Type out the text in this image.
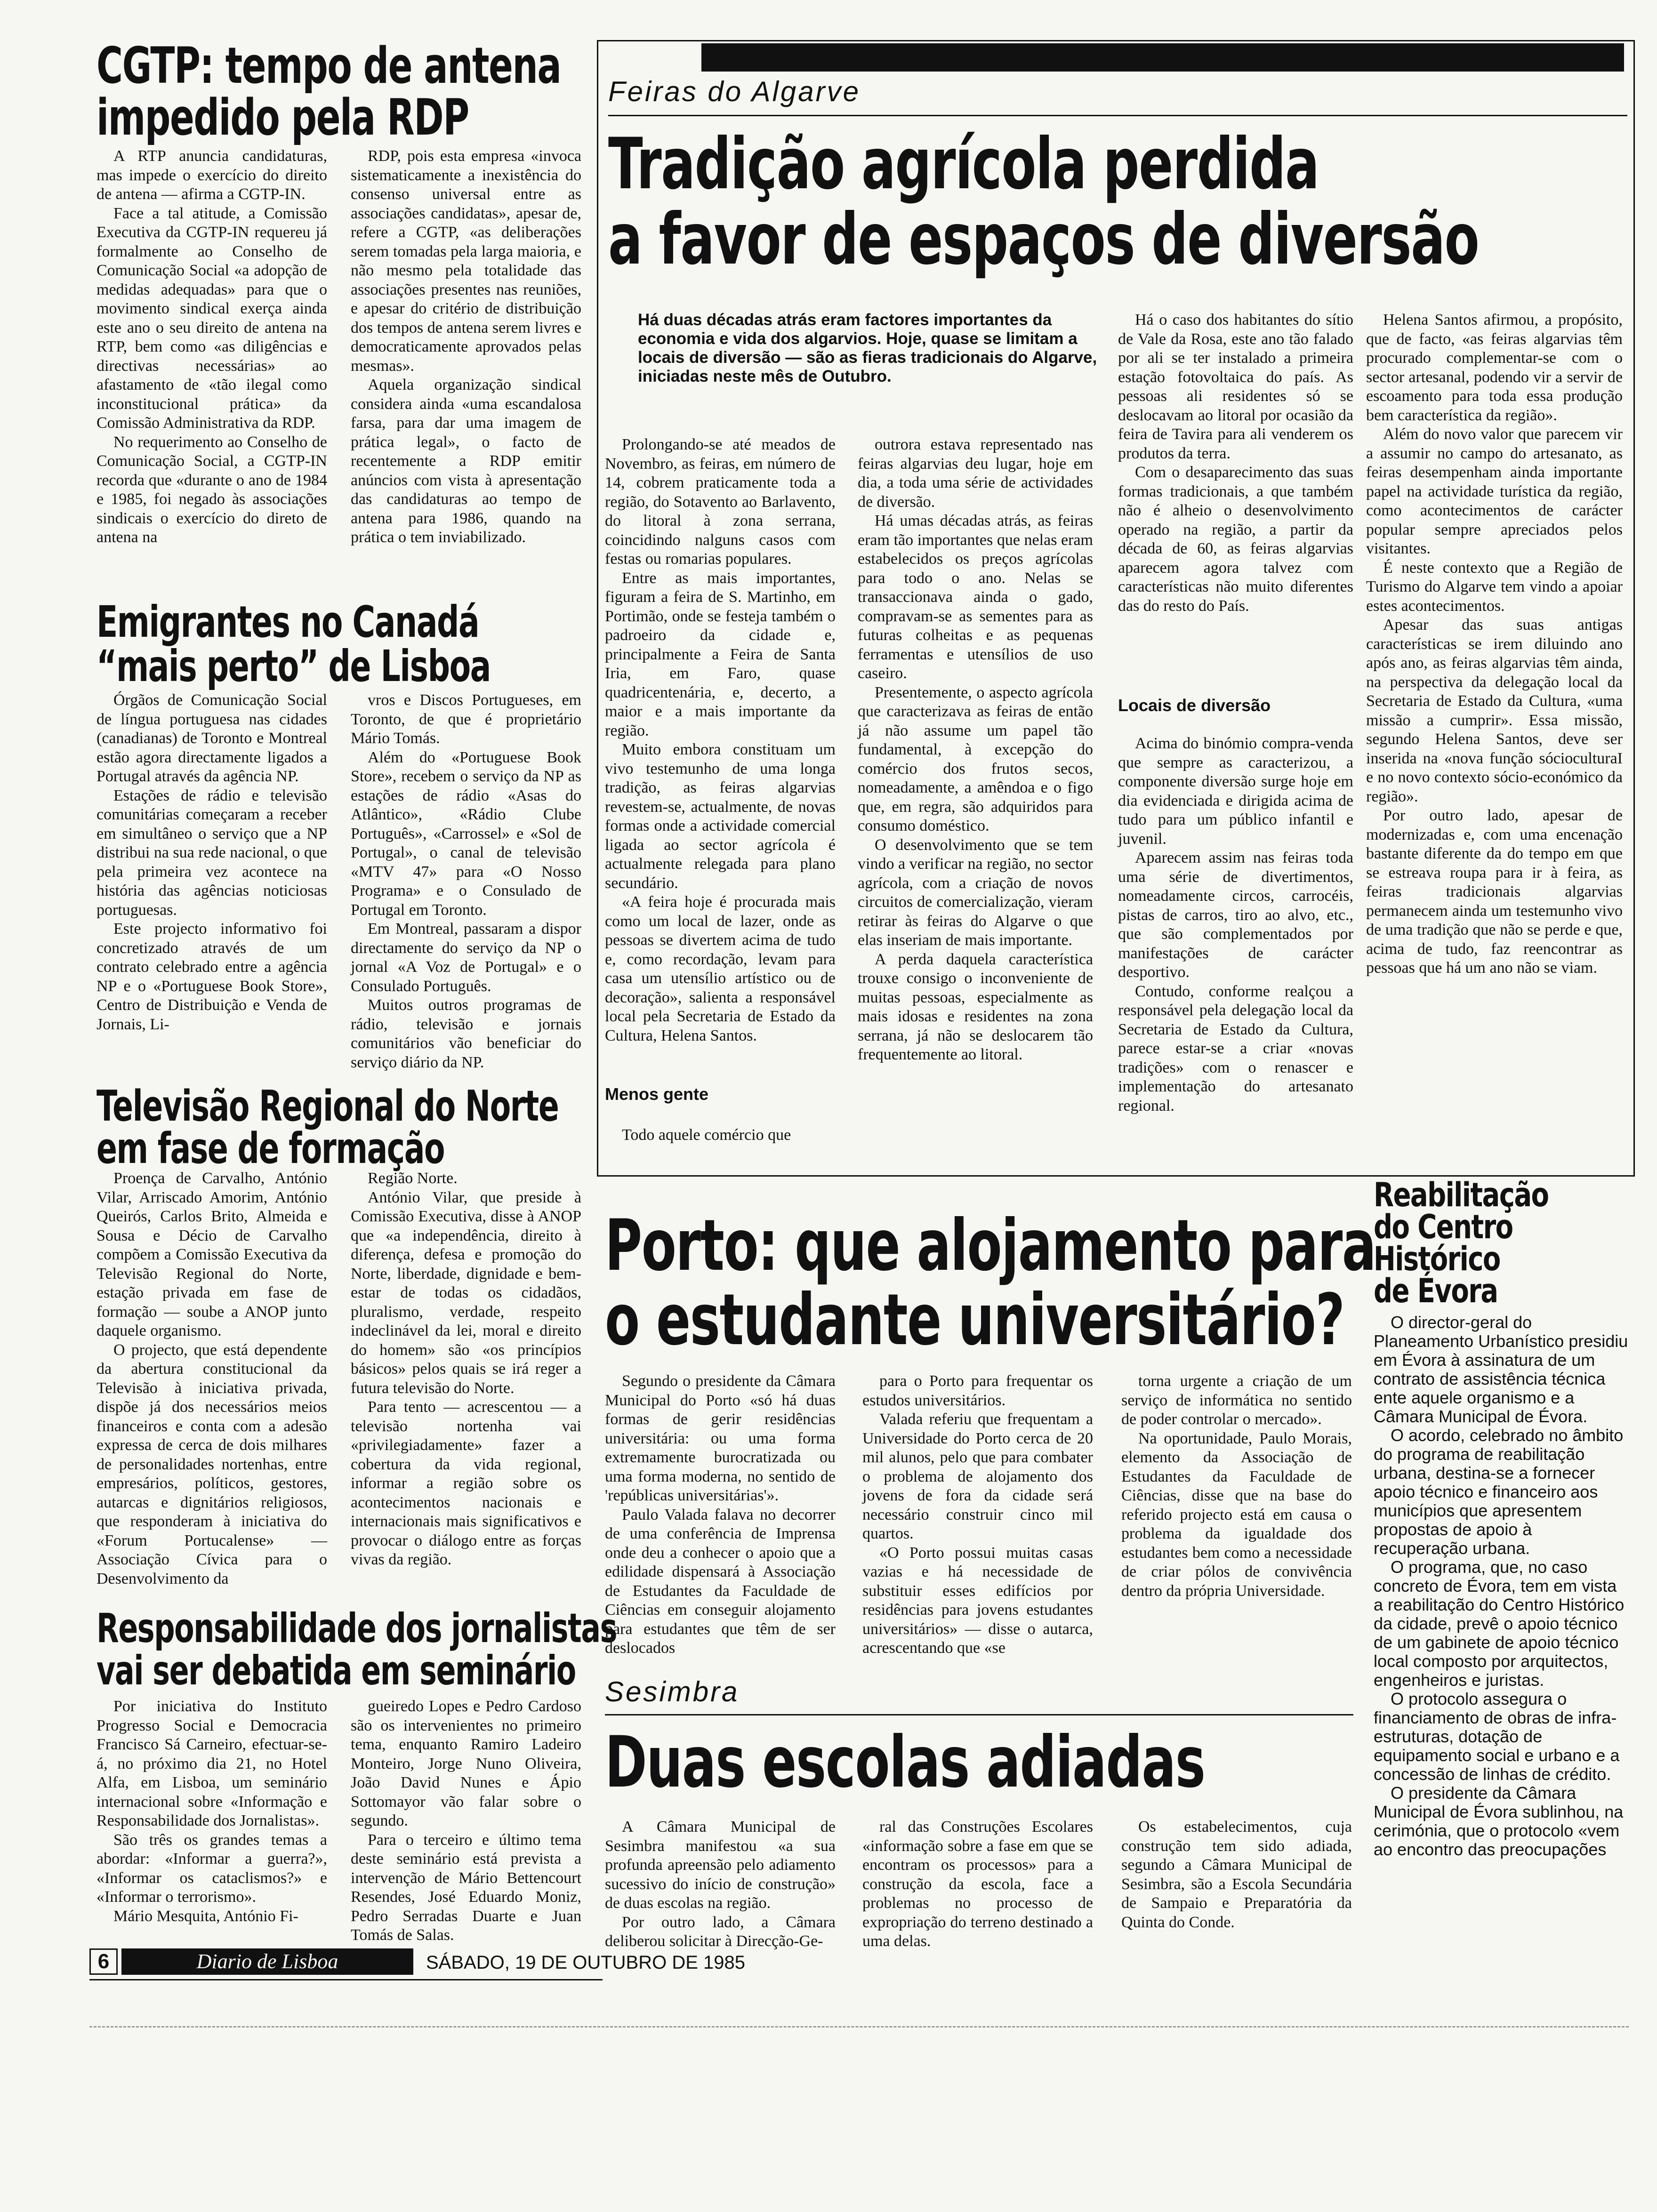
CGTP: tempo de antena
impedido pela RDP

A RTP anuncia candidaturas, mas impede o exercício do direito de antena — afirma a CGTP-IN.

Face a tal atitude, a Comissão Executiva da CGTP-IN requereu já formalmente ao Conselho de Comunicação Social «a adopção de medidas adequadas» para que o movimento sindical exerça ainda este ano o seu direito de antena na RTP, bem como «as diligências e directivas necessárias» ao afastamento de «tão ilegal como inconstitucional prática» da Comissão Administrativa da RDP.

No requerimento ao Conselho de Comunicação Social, a CGTP-IN recorda que «durante o ano de 1984 e 1985, foi negado às associações sindicais o exercício do direto de antena na

RDP, pois esta empresa «invoca sistematicamente a inexistência do consenso universal entre as associações candidatas», apesar de, refere a CGTP, «as deliberações serem tomadas pela larga maioria, e não mesmo pela totalidade das associações presentes nas reuniões, e apesar do critério de distribuição dos tempos de antena serem livres e democraticamente aprovados pelas mesmas».

Aquela organização sindical considera ainda «uma escandalosa farsa, para dar uma imagem de prática legal», o facto de recentemente a RDP emitir anúncios com vista à apresentação das candidaturas ao tempo de antena para 1986, quando na prática o tem inviabilizado.

Emigrantes no Canadá
“mais perto” de Lisboa

Órgãos de Comunicação Social de língua portuguesa nas cidades (canadianas) de Toronto e Montreal estão agora directamente ligados a Portugal através da agência NP.

Estações de rádio e televisão comunitárias começaram a receber em simultâneo o serviço que a NP distribui na sua rede nacional, o que pela primeira vez acontece na história das agências noticiosas portuguesas.

Este projecto informativo foi concretizado através de um contrato celebrado entre a agência NP e o «Portuguese Book Store», Centro de Distribuição e Venda de Jornais, Li-

vros e Discos Portugueses, em Toronto, de que é proprietário Mário Tomás.

Além do «Portuguese Book Store», recebem o serviço da NP as estações de rádio «Asas do Atlântico», «Rádio Clube Português», «Carrossel» e «Sol de Portugal», o canal de televisão «MTV 47» para «O Nosso Programa» e o Consulado de Portugal em Toronto.

Em Montreal, passaram a dispor directamente do serviço da NP o jornal «A Voz de Portugal» e o Consulado Português.

Muitos outros programas de rádio, televisão e jornais comunitários vão beneficiar do serviço diário da NP.

Televisão Regional do Norte
em fase de formação

Proença de Carvalho, António Vilar, Arriscado Amorim, António Queirós, Carlos Brito, Almeida e Sousa e Décio de Carvalho compõem a Comissão Executiva da Televisão Regional do Norte, estação privada em fase de formação — soube a ANOP junto daquele organismo.

O projecto, que está dependente da abertura constitucional da Televisão à iniciativa privada, dispõe já dos necessários meios financeiros e conta com a adesão expressa de cerca de dois milhares de personalidades nortenhas, entre empresários, políticos, gestores, autarcas e dignitários religiosos, que responderam à iniciativa do «Forum Portucalense» — Associação Cívica para o Desenvolvimento da

Região Norte.

António Vilar, que preside à Comissão Executiva, disse à ANOP que «a independência, direito à diferença, defesa e promoção do Norte, liberdade, dignidade e bem-estar de todas os cidadãos, pluralismo, verdade, respeito indeclinável da lei, moral e direito do homem» são «os princípios básicos» pelos quais se irá reger a futura televisão do Norte.

Para tento — acrescentou — a televisão nortenha vai «privilegiadamente» fazer a cobertura da vida regional, informar a região sobre os acontecimentos nacionais e internacionais mais significativos e provocar o diálogo entre as forças vivas da região.

Responsabilidade dos jornalistas
vai ser debatida em seminário

Por iniciativa do Instituto Progresso Social e Democracia Francisco Sá Carneiro, efectuar-se-á, no próximo dia 21, no Hotel Alfa, em Lisboa, um seminário internacional sobre «Informação e Responsabilidade dos Jornalistas».

São três os grandes temas a abordar: «Informar a guerra?», «Informar os cataclismos?» e «Informar o terrorismo».

Mário Mesquita, António Fi-

gueiredo Lopes e Pedro Cardoso são os intervenientes no primeiro tema, enquanto Ramiro Ladeiro Monteiro, Jorge Nuno Oliveira, João David Nunes e Ápio Sottomayor vão falar sobre o segundo.

Para o terceiro e último tema deste seminário está prevista a intervenção de Mário Bettencourt Resendes, José Eduardo Moniz, Pedro Serradas Duarte e Juan Tomás de Salas.

Feiras do Algarve
Tradição agrícola perdida
a favor de espaços de diversão
Há duas décadas atrás eram factores importantes da economia e vida dos algarvios. Hoje, quase se limitam a locais de diversão — são as fieras tradicionais do Algarve, iniciadas neste mês de Outubro.

Prolongando-se até meados de Novembro, as feiras, em número de 14, cobrem praticamente toda a região, do Sotavento ao Barlavento, do litoral à zona serrana, coincidindo nalguns casos com festas ou romarias populares.

Entre as mais importantes, figuram a feira de S. Martinho, em Portimão, onde se festeja também o padroeiro da cidade e, principalmente a Feira de Santa Iria, em Faro, quase quadricentenária, e, decerto, a maior e a mais importante da região.

Muito embora constituam um vivo testemunho de uma longa tradição, as feiras algarvias revestem-se, actualmente, de novas formas onde a actividade comercial ligada ao sector agrícola é actualmente relegada para plano secundário.

«A feira hoje é procurada mais como um local de lazer, onde as pessoas se divertem acima de tudo e, como recordação, levam para casa um utensílio artístico ou de decoração», salienta a responsável local pela Secretaria de Estado da Cultura, Helena Santos.

Menos gente

Todo aquele comércio que

outrora estava representado nas feiras algarvias deu lugar, hoje em dia, a toda uma série de actividades de diversão.

Há umas décadas atrás, as feiras eram tão importantes que nelas eram estabelecidos os preços agrícolas para todo o ano. Nelas se transaccionava ainda o gado, compravam-se as sementes para as futuras colheitas e as pequenas ferramentas e utensílios de uso caseiro.

Presentemente, o aspecto agrícola que caracterizava as feiras de então já não assume um papel tão fundamental, à excepção do comércio dos frutos secos, nomeadamente, a amêndoa e o figo que, em regra, são adquiridos para consumo doméstico.

O desenvolvimento que se tem vindo a verificar na região, no sector agrícola, com a criação de novos circuitos de comercialização, vieram retirar às feiras do Algarve o que elas inseriam de mais importante.

A perda daquela característica trouxe consigo o inconveniente de muitas pessoas, especialmente as mais idosas e residentes na zona serrana, já não se deslocarem tão frequentemente ao litoral.

Há o caso dos habitantes do sítio de Vale da Rosa, este ano tão falado por ali se ter instalado a primeira estação fotovoltaica do país. As pessoas ali residentes só se deslocavam ao litoral por ocasião da feira de Tavira para ali venderem os produtos da terra.

Com o desaparecimento das suas formas tradicionais, a que também não é alheio o desenvolvimento operado na região, a partir da década de 60, as feiras algarvias aparecem agora talvez com características não muito diferentes das do resto do País.

Locais de diversão

Acima do binómio compra-venda que sempre as caracterizou, a componente diversão surge hoje em dia evidenciada e dirigida acima de tudo para um público infantil e juvenil.

Aparecem assim nas feiras toda uma série de divertimentos, nomeadamente circos, carrocéis, pistas de carros, tiro ao alvo, etc., que são complementados por manifestações de carácter desportivo.

Contudo, conforme realçou a responsável pela delegação local da Secretaria de Estado da Cultura, parece estar-se a criar «novas tradições» com o renascer e implementação do artesanato regional.

Helena Santos afirmou, a propósito, que de facto, «as feiras algarvias têm procurado complementar-se com o sector artesanal, podendo vir a servir de escoamento para toda essa produção bem característica da região».

Além do novo valor que parecem vir a assumir no campo do artesanato, as feiras desempenham ainda importante papel na actividade turística da região, como acontecimentos de carácter popular sempre apreciados pelos visitantes.

É neste contexto que a Região de Turismo do Algarve tem vindo a apoiar estes acontecimentos.

Apesar das suas antigas características se irem diluindo ano após ano, as feiras algarvias têm ainda, na perspectiva da delegação local da Secretaria de Estado da Cultura, «uma missão a cumprir». Essa missão, segundo Helena Santos, deve ser inserida na «nova função sócioculturaI e no novo contexto sócio-económico da região».

Por outro lado, apesar de modernizadas e, com uma encenação bastante diferente da do tempo em que se estreava roupa para ir à feira, as feiras tradicionais algarvias permanecem ainda um testemunho vivo de uma tradição que não se perde e que, acima de tudo, faz reencontrar as pessoas que há um ano não se viam.

Porto: que alojamento para
o estudante universitário?

Segundo o presidente da Câmara Municipal do Porto «só há duas formas de gerir residências universitária: ou uma forma extremamente burocratizada ou uma forma moderna, no sentido de 'repúblicas universitárias'».

Paulo Valada falava no decorrer de uma conferência de Imprensa onde deu a conhecer o apoio que a edilidade dispensará à Associação de Estudantes da Faculdade de Ciências em conseguir alojamento para estudantes que têm de ser deslocados

para o Porto para frequentar os estudos universitários.

Valada referiu que frequentam a Universidade do Porto cerca de 20 mil alunos, pelo que para combater o problema de alojamento dos jovens de fora da cidade será necessário construir cinco mil quartos.

«O Porto possui muitas casas vazias e há necessidade de substituir esses edifícios por residências para jovens estudantes universitários» — disse o autarca, acrescentando que «se

torna urgente a criação de um serviço de informática no sentido de poder controlar o mercado».

Na oportunidade, Paulo Morais, elemento da Associação de Estudantes da Faculdade de Ciências, disse que na base do referido projecto está em causa o problema da igualdade dos estudantes bem como a necessidade de criar pólos de convivência dentro da própria Universidade.

Sesimbra
Duas escolas adiadas

A Câmara Municipal de Sesimbra manifestou «a sua profunda apreensão pelo adiamento sucessivo do início de construção» de duas escolas na região.

Por outro lado, a Câmara deliberou solicitar à Direcção-Ge-

ral das Construções Escolares «informação sobre a fase em que se encontram os processos» para a construção da escola, face a problemas no processo de expropriação do terreno destinado a uma delas.

Os estabelecimentos, cuja construção tem sido adiada, segundo a Câmara Municipal de Sesimbra, são a Escola Secundária de Sampaio e Preparatória da Quinta do Conde.

Reabilitação
do Centro
Histórico
de Évora

O director-geral do Planeamento Urbanístico presidiu em Évora à assinatura de um contrato de assistência técnica ente aquele organismo e a Câmara Municipal de Évora.

O acordo, celebrado no âmbito do programa de reabilitação urbana, destina-se a fornecer apoio técnico e financeiro aos municípios que apresentem propostas de apoio à recuperação urbana.

O programa, que, no caso concreto de Évora, tem em vista a reabilitação do Centro Histórico da cidade, prevê o apoio técnico de um gabinete de apoio técnico local composto por arquitectos, engenheiros e juristas.

O protocolo assegura o financiamento de obras de infra-estruturas, dotação de equipamento social e urbano e a concessão de linhas de crédito.

O presidente da Câmara Municipal de Évora sublinhou, na cerimónia, que o protocolo «vem ao encontro das preocupações

6	Diario de Lisboa	SÁBADO, 19 DE OUTUBRO DE 1985
